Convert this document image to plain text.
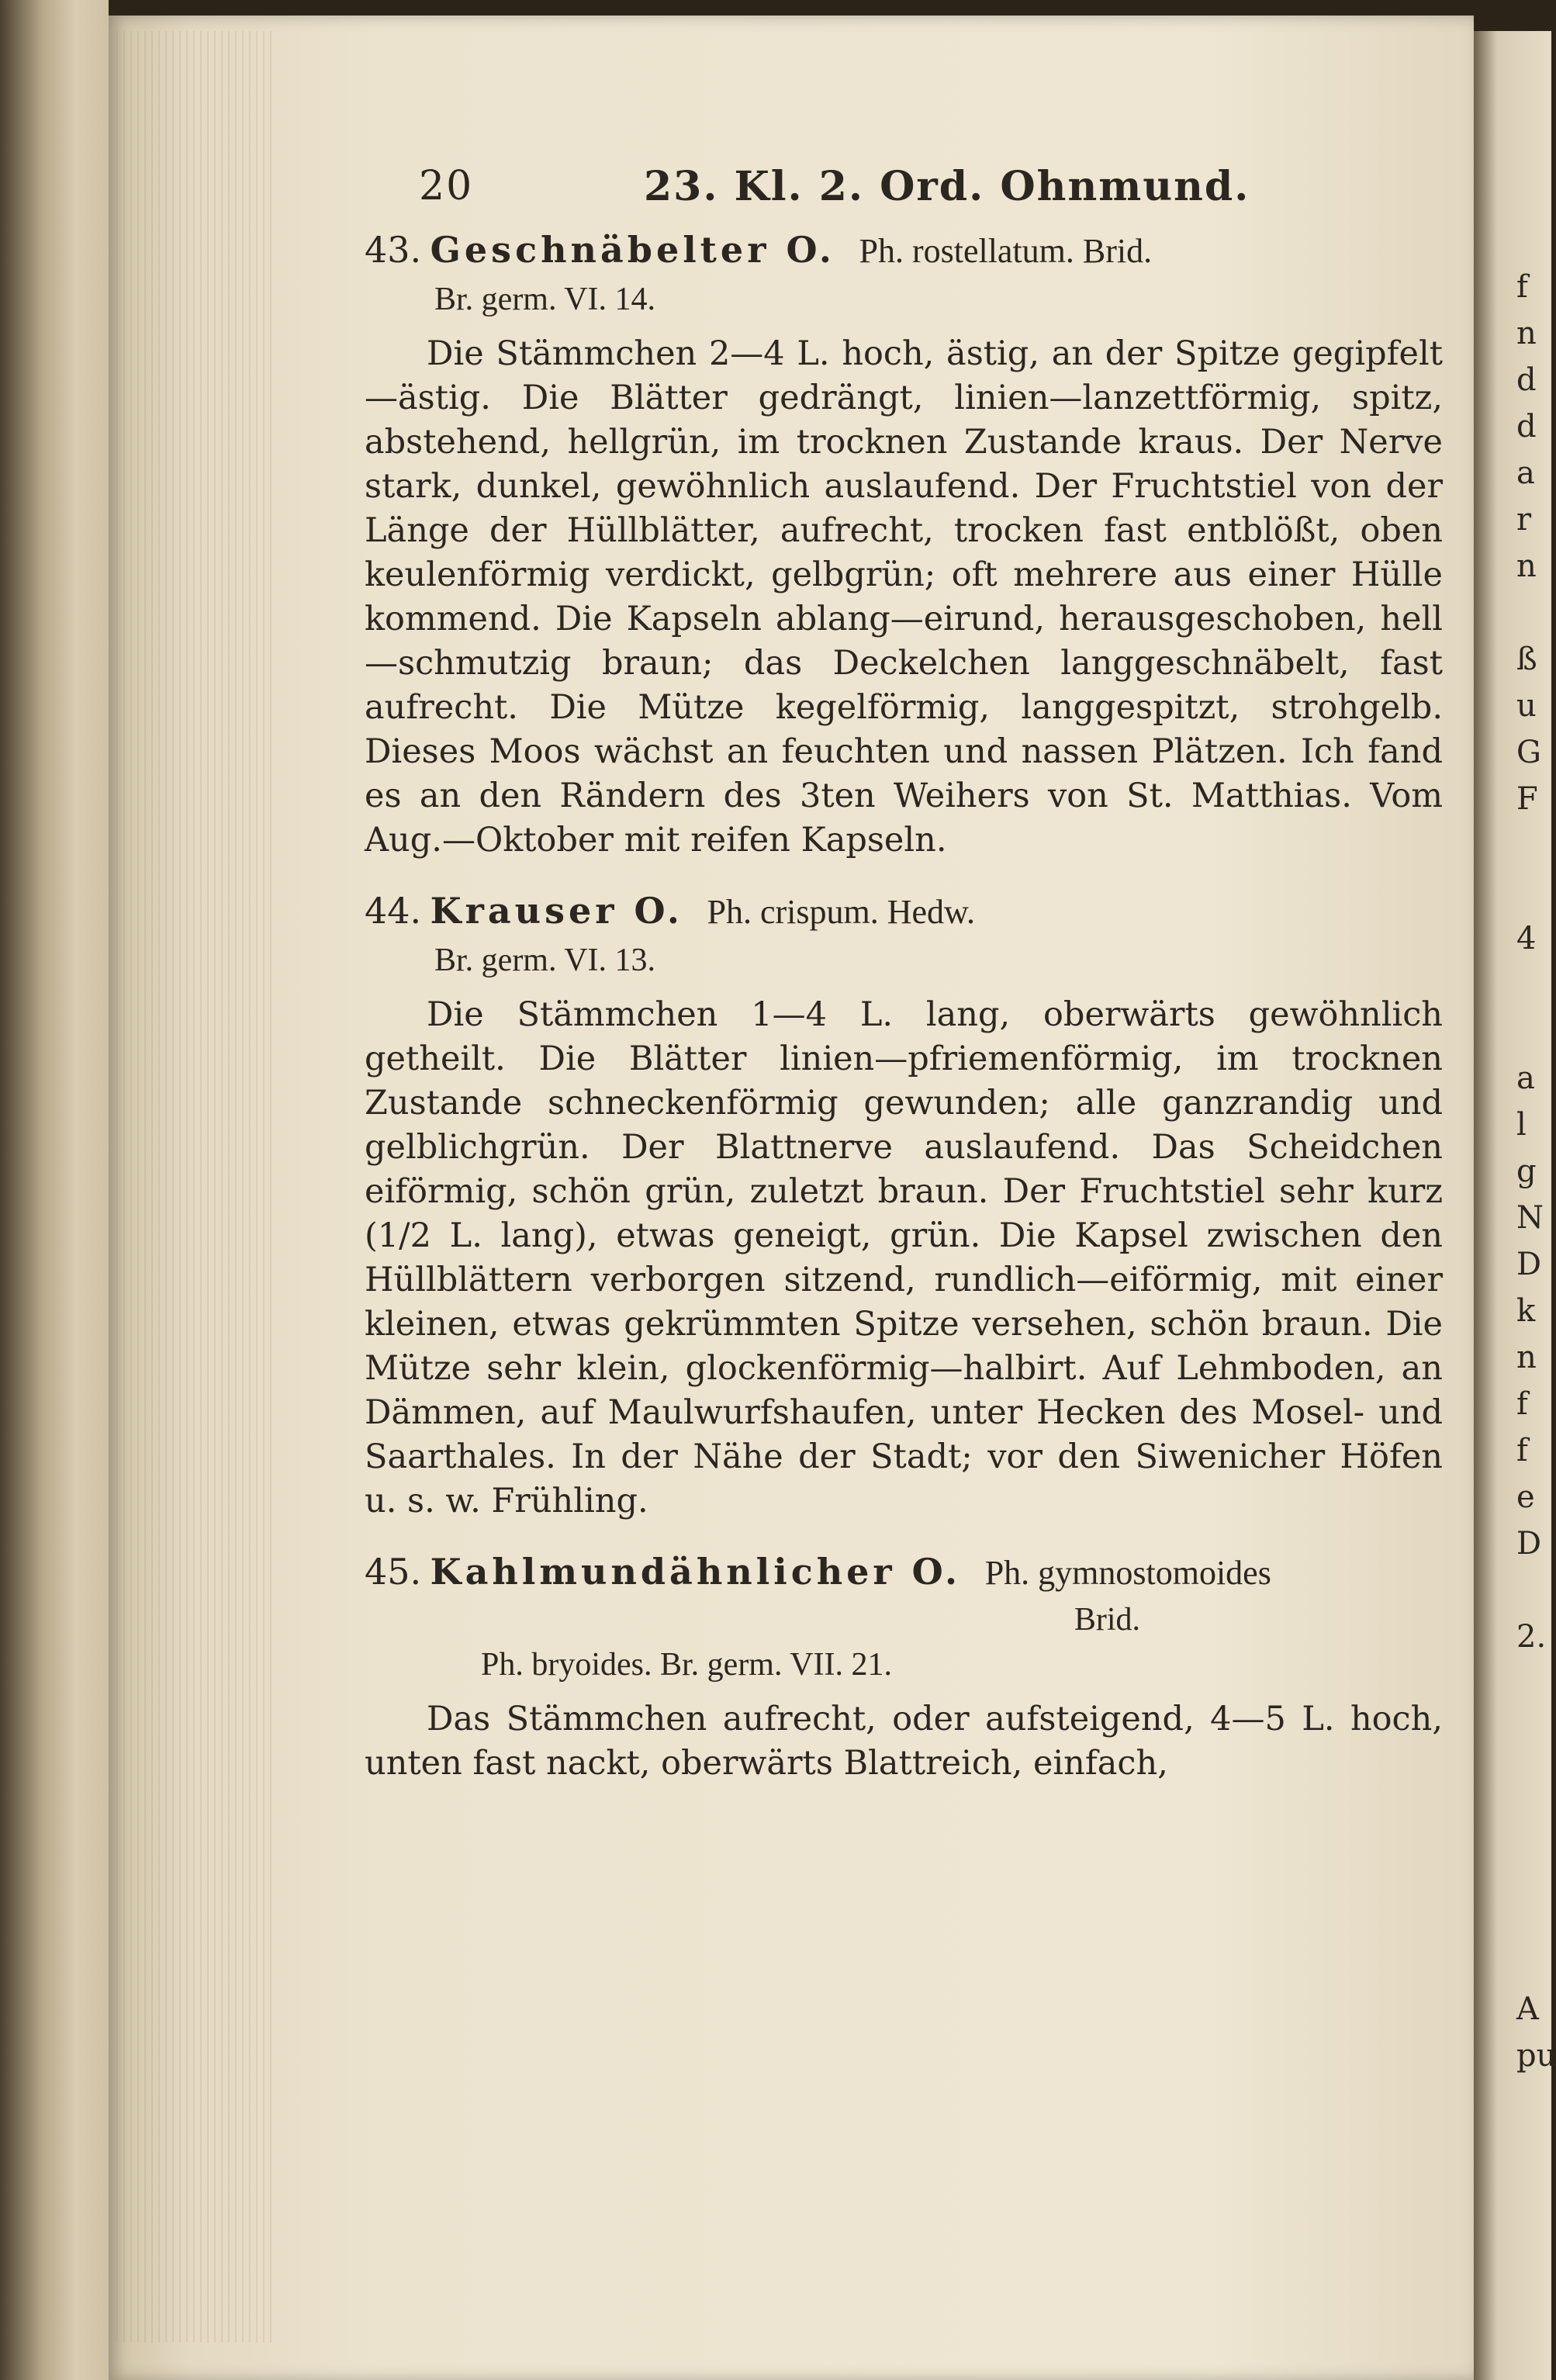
f
n
d
d
a
r
n

ß
u
G
F

4

a
l
g
N
D
k
n
f
f
e
D

2.

A
pu
20	23. Kl. 2. Ord. Ohnmund.
43. Geschnäbelter O. Ph. rostellatum. Brid.
Br. germ. VI. 14.

Die Stämmchen 2—4 L. hoch, ästig, an der Spitze gegipfelt—ästig. Die Blätter gedrängt, linien—lanzettförmig, spitz, abstehend, hellgrün, im trocknen Zustande kraus. Der Nerve stark, dunkel, gewöhnlich auslaufend. Der Fruchtstiel von der Länge der Hüllblätter, aufrecht, trocken fast entblößt, oben keulenförmig verdickt, gelbgrün; oft mehrere aus einer Hülle kommend. Die Kapseln ablang—eirund, herausgeschoben, hell—schmutzig braun; das Deckelchen langgeschnäbelt, fast aufrecht. Die Mütze kegelförmig, langgespitzt, strohgelb. Dieses Moos wächst an feuchten und nassen Plätzen. Ich fand es an den Rändern des 3ten Weihers von St. Matthias. Vom Aug.—Oktober mit reifen Kapseln.

44. Krauser O. Ph. crispum. Hedw.
Br. germ. VI. 13.

Die Stämmchen 1—4 L. lang, oberwärts gewöhnlich getheilt. Die Blätter linien—pfriemenförmig, im trocknen Zustande schneckenförmig gewunden; alle ganzrandig und gelblichgrün. Der Blattnerve auslaufend. Das Scheidchen eiförmig, schön grün, zuletzt braun. Der Fruchtstiel sehr kurz (1/2 L. lang), etwas geneigt, grün. Die Kapsel zwischen den Hüllblättern verborgen sitzend, rundlich—eiförmig, mit einer kleinen, etwas gekrümmten Spitze versehen, schön braun. Die Mütze sehr klein, glockenförmig—halbirt. Auf Lehmboden, an Dämmen, auf Maulwurfshaufen, unter Hecken des Mosel- und Saarthales. In der Nähe der Stadt; vor den Siwenicher Höfen u. s. w. Frühling.

45. Kahlmundähnlicher O. Ph. gymnostomoides
Brid.
Ph. bryoides. Br. germ. VII. 21.

Das Stämmchen aufrecht, oder aufsteigend, 4—5 L. hoch, unten fast nackt, oberwärts Blattreich, einfach,
